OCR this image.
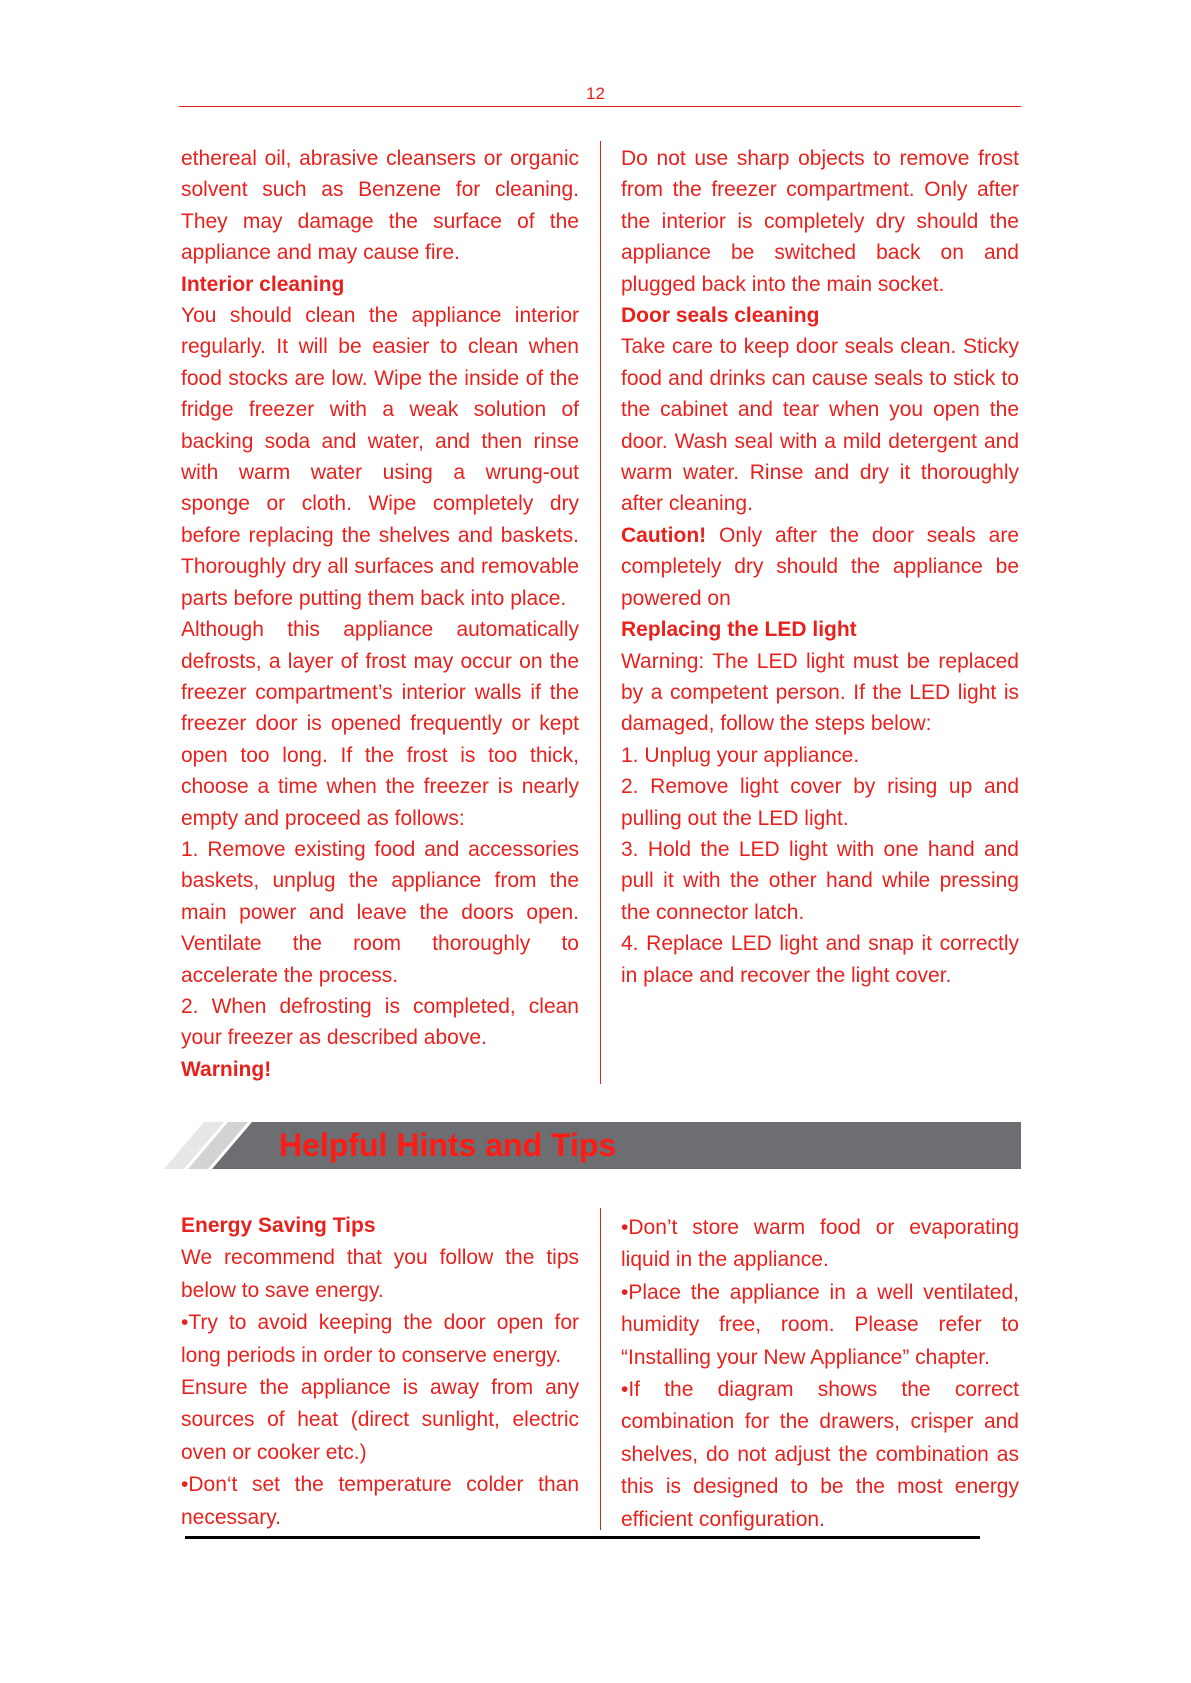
12

ethereal oil, abrasive cleansers or organic solvent such as Benzene for cleaning. They may damage the surface of the appliance and may cause fire.

Interior cleaning

You should clean the appliance interior regularly. It will be easier to clean when food stocks are low. Wipe the inside of the fridge freezer with a weak solution of backing soda and water, and then rinse with warm water using a wrung-out sponge or cloth. Wipe completely dry before replacing the shelves and baskets. Thoroughly dry all surfaces and removable parts before putting them back into place.

Although this appliance automatically defrosts, a layer of frost may occur on the freezer compartment’s interior walls if the freezer door is opened frequently or kept open too long. If the frost is too thick, choose a time when the freezer is nearly empty and proceed as follows:

1. Remove existing food and accessories baskets, unplug the appliance from the main power and leave the doors open. Ventilate the room thoroughly to accelerate the process.

2. When defrosting is completed, clean your freezer as described above.

Warning!

Do not use sharp objects to remove frost from the freezer compartment. Only after the interior is completely dry should the appliance be switched back on and plugged back into the main socket.

Door seals cleaning

Take care to keep door seals clean. Sticky food and drinks can cause seals to stick to the cabinet and tear when you open the door. Wash seal with a mild detergent and warm water. Rinse and dry it thoroughly after cleaning.

Caution! Only after the door seals are completely dry should the appliance be powered on

Replacing the LED light

Warning: The LED light must be replaced by a competent person. If the LED light is damaged, follow the steps below:

1. Unplug your appliance.

2. Remove light cover by rising up and pulling out the LED light.

3. Hold the LED light with one hand and pull it with the other hand while pressing the connector latch.

4. Replace LED light and snap it correctly in place and recover the light cover.

Helpful Hints and Tips

Energy Saving Tips

We recommend that you follow the tips below to save energy.

•Try to avoid keeping the door open for long periods in order to conserve energy.

Ensure the appliance is away from any sources of heat (direct sunlight, electric oven or cooker etc.)

•Don‘t set the temperature colder than necessary.

•Don’t store warm food or evaporating liquid in the appliance.

•Place the appliance in a well ventilated, humidity free, room. Please refer to “Installing your New Appliance” chapter.

•If the diagram shows the correct combination for the drawers, crisper and shelves, do not adjust the combination as this is designed to be the most energy efficient configuration.
